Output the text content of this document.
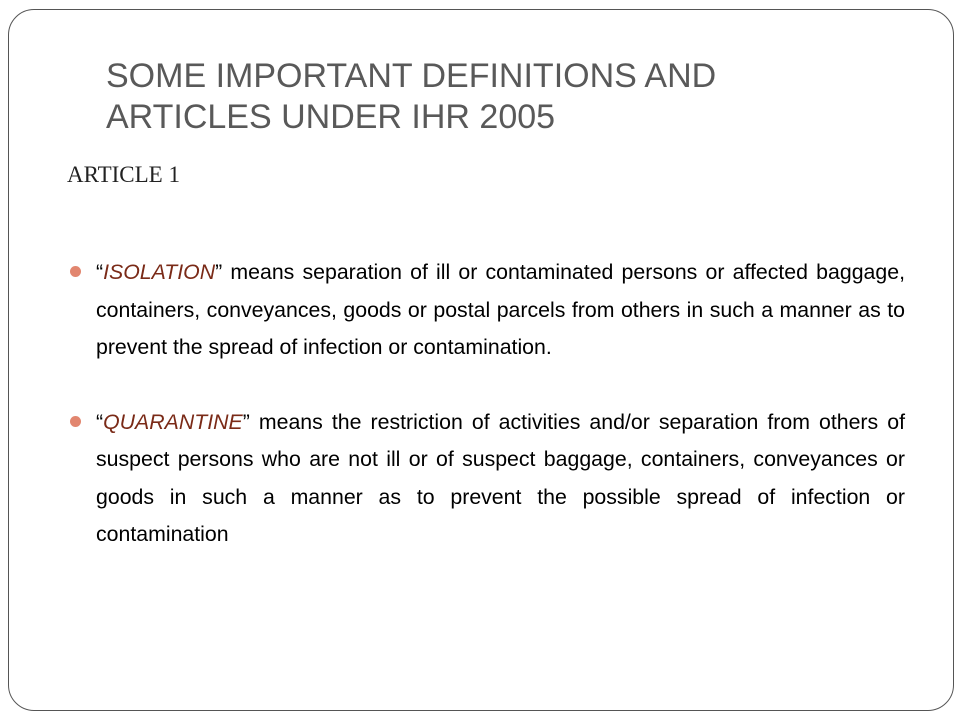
SOME IMPORTANT DEFINITIONS AND
ARTICLES UNDER IHR 2005
ARTICLE 1
“ISOLATION” means separation of ill or contaminated persons or affected baggage, containers, conveyances, goods or postal parcels from others in such a manner as to prevent the spread of infection or contamination.
“QUARANTINE” means the restriction of activities and/or separation from others of suspect persons who are not ill or of suspect baggage, containers, conveyances or goods in such a manner as to prevent the possible spread of infection or contamination
